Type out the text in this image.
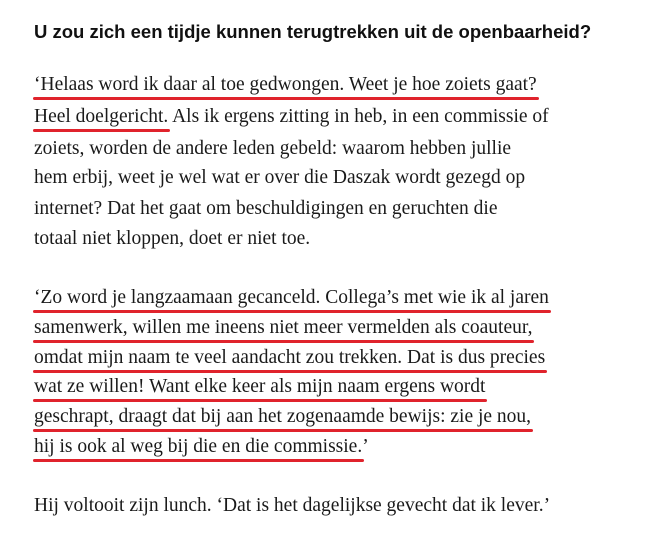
U zou zich een tijdje kunnen terugtrekken uit de openbaarheid?
‘Helaas word ik daar al toe gedwongen. Weet je hoe zoiets gaat?
Heel doelgericht. Als ik ergens zitting in heb, in een commissie of
zoiets, worden de andere leden gebeld: waarom hebben jullie
hem erbij, weet je wel wat er over die Daszak wordt gezegd op
internet? Dat het gaat om beschuldigingen en geruchten die
totaal niet kloppen, doet er niet toe.
‘Zo word je langzaamaan gecanceld. Collega’s met wie ik al jaren
samenwerk, willen me ineens niet meer vermelden als coauteur,
omdat mijn naam te veel aandacht zou trekken. Dat is dus precies
wat ze willen! Want elke keer als mijn naam ergens wordt
geschrapt, draagt dat bij aan het zogenaamde bewijs: zie je nou,
hij is ook al weg bij die en die commissie.’
Hij voltooit zijn lunch. ‘Dat is het dagelijkse gevecht dat ik lever.’
